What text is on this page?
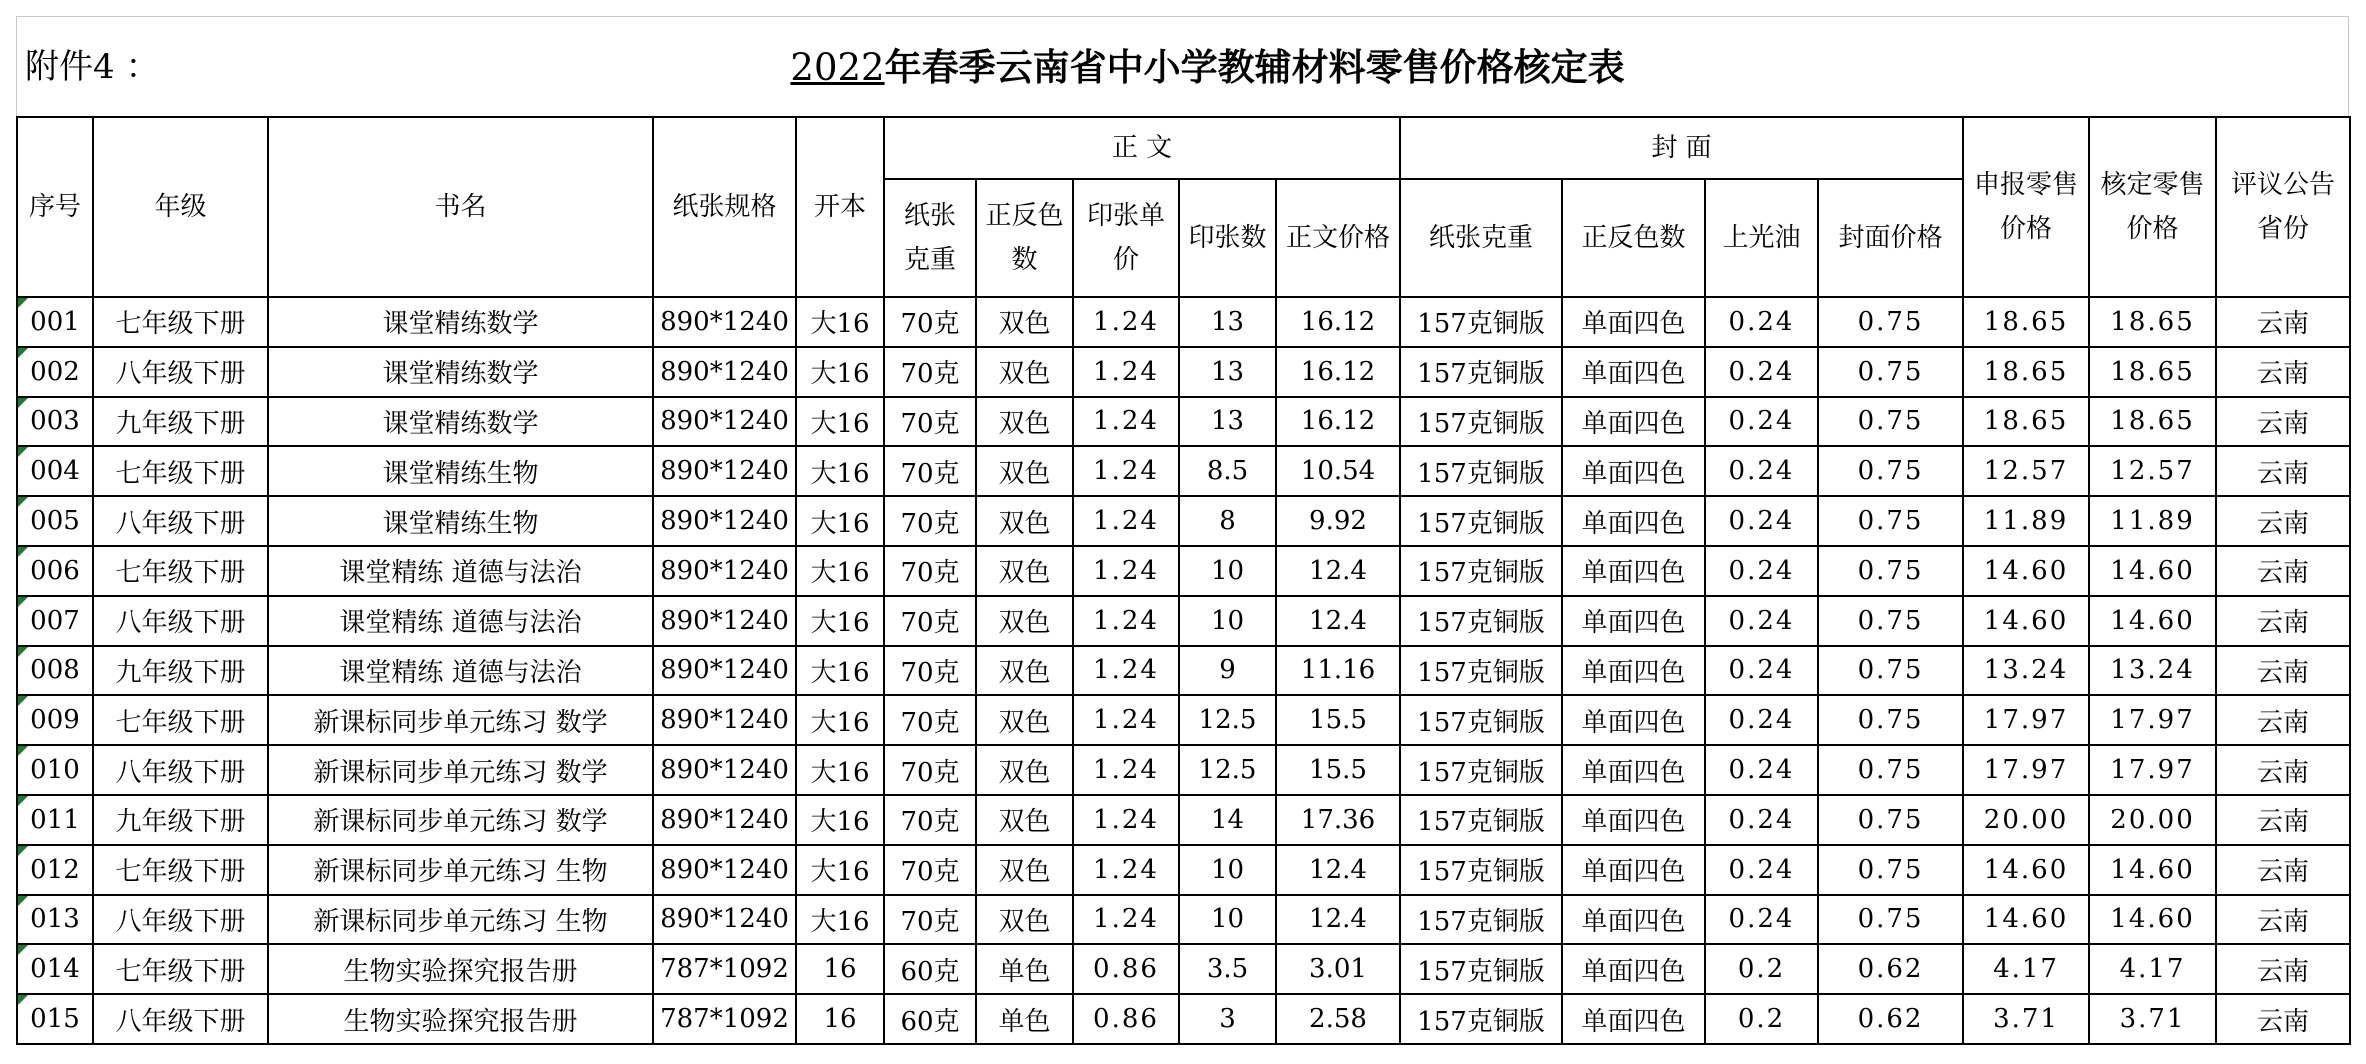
附件4 ：	2022年春季云南省中小学教辅材料零售价格核定表
序号	年级	书名	纸张规格	开本	正 文					封 面				申报零售价格	核定零售价格	评议公告省份
					纸张克重	正反色数	印张单价	印张数	正文价格	纸张克重	正反色数	上光油	封面价格			
001	七年级下册	课堂精练数学	890*1240	大16	70克	双色	1.24	13	16.12	157克铜版	单面四色	0.24	0.75	18.65	18.65	云南
002	八年级下册	课堂精练数学	890*1240	大16	70克	双色	1.24	13	16.12	157克铜版	单面四色	0.24	0.75	18.65	18.65	云南
003	九年级下册	课堂精练数学	890*1240	大16	70克	双色	1.24	13	16.12	157克铜版	单面四色	0.24	0.75	18.65	18.65	云南
004	七年级下册	课堂精练生物	890*1240	大16	70克	双色	1.24	8.5	10.54	157克铜版	单面四色	0.24	0.75	12.57	12.57	云南
005	八年级下册	课堂精练生物	890*1240	大16	70克	双色	1.24	8	9.92	157克铜版	单面四色	0.24	0.75	11.89	11.89	云南
006	七年级下册	课堂精练 道德与法治	890*1240	大16	70克	双色	1.24	10	12.4	157克铜版	单面四色	0.24	0.75	14.60	14.60	云南
007	八年级下册	课堂精练 道德与法治	890*1240	大16	70克	双色	1.24	10	12.4	157克铜版	单面四色	0.24	0.75	14.60	14.60	云南
008	九年级下册	课堂精练 道德与法治	890*1240	大16	70克	双色	1.24	9	11.16	157克铜版	单面四色	0.24	0.75	13.24	13.24	云南
009	七年级下册	新课标同步单元练习 数学	890*1240	大16	70克	双色	1.24	12.5	15.5	157克铜版	单面四色	0.24	0.75	17.97	17.97	云南
010	八年级下册	新课标同步单元练习 数学	890*1240	大16	70克	双色	1.24	12.5	15.5	157克铜版	单面四色	0.24	0.75	17.97	17.97	云南
011	九年级下册	新课标同步单元练习 数学	890*1240	大16	70克	双色	1.24	14	17.36	157克铜版	单面四色	0.24	0.75	20.00	20.00	云南
012	七年级下册	新课标同步单元练习 生物	890*1240	大16	70克	双色	1.24	10	12.4	157克铜版	单面四色	0.24	0.75	14.60	14.60	云南
013	八年级下册	新课标同步单元练习 生物	890*1240	大16	70克	双色	1.24	10	12.4	157克铜版	单面四色	0.24	0.75	14.60	14.60	云南
014	七年级下册	生物实验探究报告册	787*1092	16	60克	单色	0.86	3.5	3.01	157克铜版	单面四色	0.2	0.62	4.17	4.17	云南
015	八年级下册	生物实验探究报告册	787*1092	16	60克	单色	0.86	3	2.58	157克铜版	单面四色	0.2	0.62	3.71	3.71	云南
